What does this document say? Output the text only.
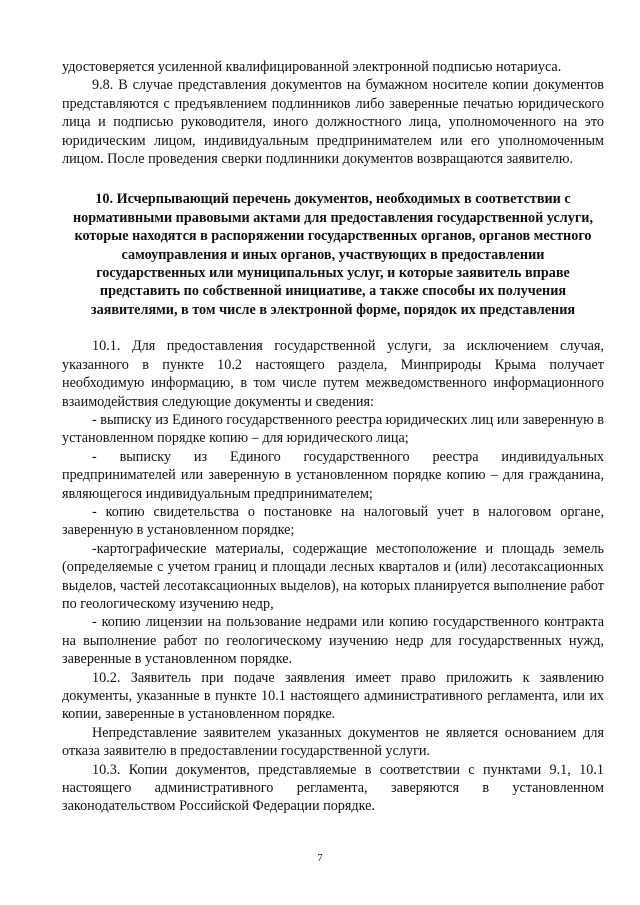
удостоверяется усиленной квалифицированной электронной подписью нотариуса.

9.8. В случае представления документов на бумажном носителе копии документов представляются с предъявлением подлинников либо заверенные печатью юридического лица и подписью руководителя, иного должностного лица, уполномоченного на это юридическим лицом, индивидуальным предпринимателем или его уполномоченным лицом. После проведения сверки подлинники документов возвращаются заявителю.

10. Исчерпывающий перечень документов, необходимых в соответствии с нормативными правовыми актами для предоставления государственной услуги, которые находятся в распоряжении государственных органов, органов местного самоуправления и иных органов, участвующих в предоставлении государственных или муниципальных услуг, и которые заявитель вправе представить по собственной инициативе, а также способы их получения заявителями, в том числе в электронной форме, порядок их представления

10.1. Для предоставления государственной услуги, за исключением случая, указанного в пункте 10.2 настоящего раздела, Минприроды Крыма получает необходимую информацию, в том числе путем межведомственного информационного взаимодействия следующие документы и сведения:

- выписку из Единого государственного реестра юридических лиц или заверенную в установленном порядке копию – для юридического лица;

- выписку из Единого государственного реестра индивидуальных предпринимателей или заверенную в установленном порядке копию – для гражданина, являющегося индивидуальным предпринимателем;

- копию свидетельства о постановке на налоговый учет в налоговом органе, заверенную в установленном порядке;

-картографические материалы, содержащие местоположение и площадь земель (определяемые с учетом границ и площади лесных кварталов и (или) лесотаксационных выделов, частей лесотаксационных выделов), на которых планируется выполнение работ по геологическому изучению недр,

- копию лицензии на пользование недрами или копию государственного контракта на выполнение работ по геологическому изучению недр для государственных нужд, заверенные в установленном порядке.

10.2. Заявитель при подаче заявления имеет право приложить к заявлению документы, указанные в пункте 10.1 настоящего административного регламента, или их копии, заверенные в установленном порядке.

Непредставление заявителем указанных документов не является основанием для отказа заявителю в предоставлении государственной услуги.

10.3. Копии документов, представляемые в соответствии с пунктами 9.1, 10.1 настоящего административного регламента, заверяются в установленном законодательством Российской Федерации порядке.

7
